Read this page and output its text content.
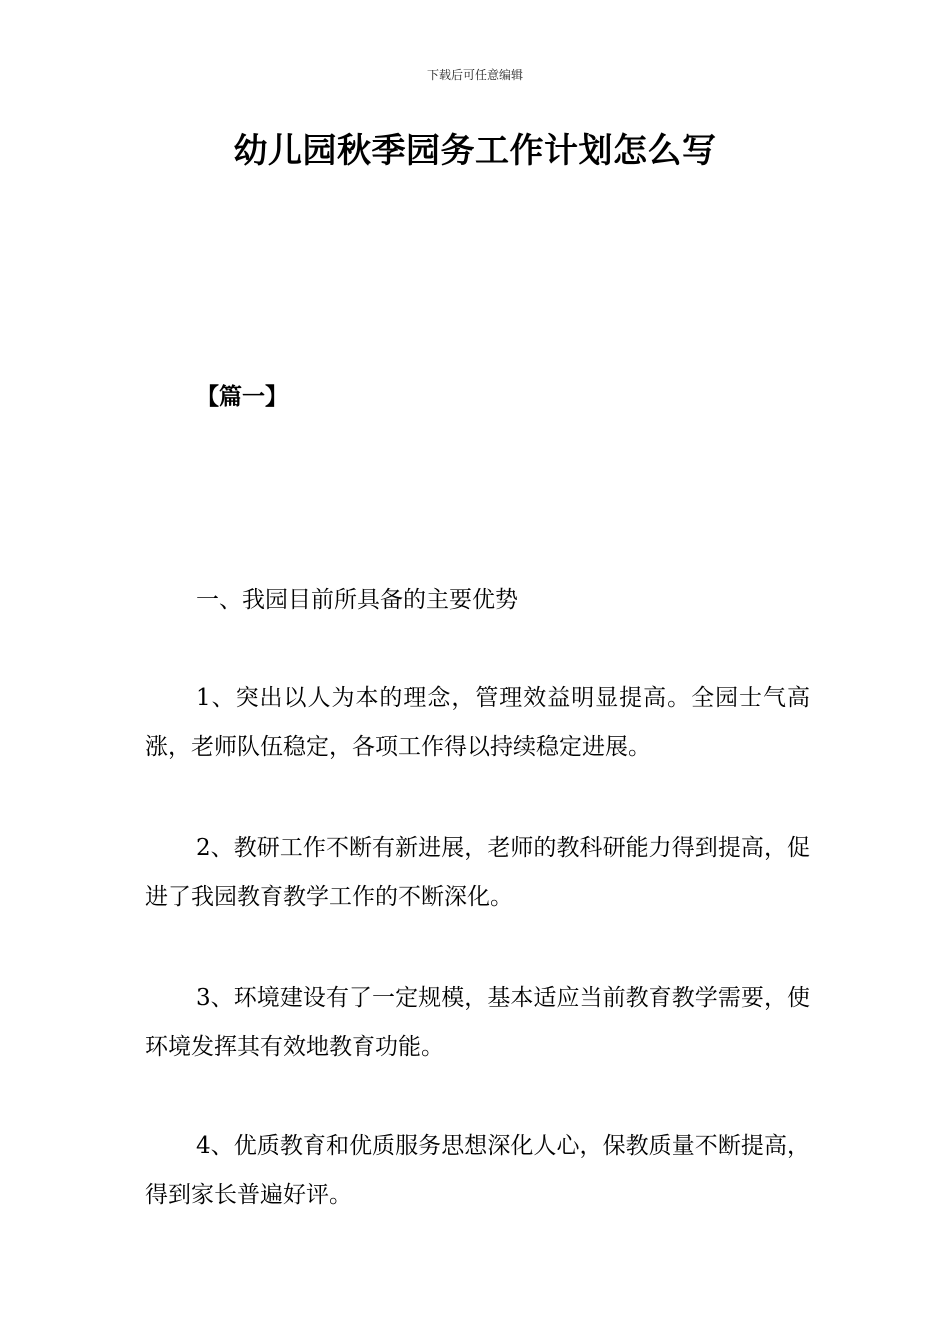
下载后可任意编辑
幼儿园秋季园务工作计划怎么写
【篇一】
一、我园目前所具备的主要优势
1、突出以人为本的理念，管理效益明显提高。全园士气高涨，老师队伍稳定，各项工作得以持续稳定进展。
2、教研工作不断有新进展，老师的教科研能力得到提高，促进了我园教育教学工作的不断深化。
3、环境建设有了一定规模，基本适应当前教育教学需要，使环境发挥其有效地教育功能。
4、优质教育和优质服务思想深化人心，保教质量不断提高，得到家长普遍好评。
